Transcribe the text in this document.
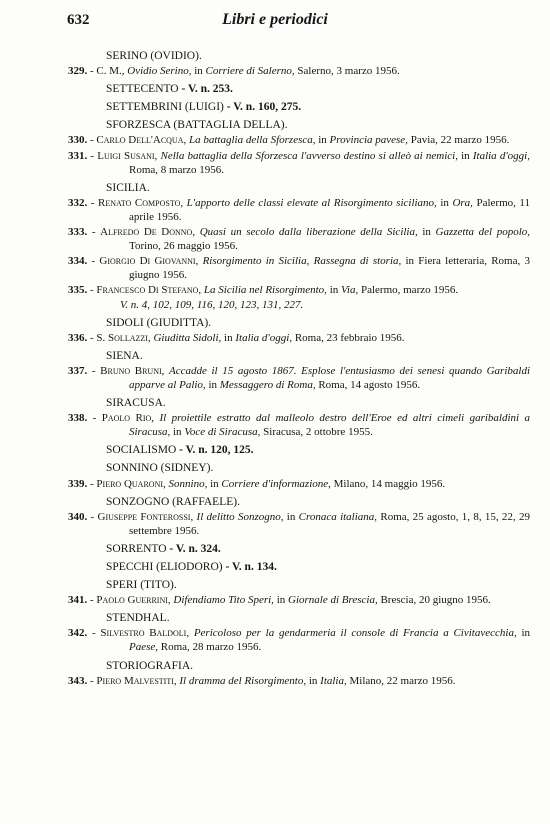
632	Libri e periodici
SERINO (OVIDIO).
329. - C. M., Ovidio Serino, in Corriere di Salerno, Salerno, 3 marzo 1956.
SETTECENTO - V. n. 253.
SETTEMBRINI (LUIGI) - V. n. 160, 275.
SFORZESCA (BATTAGLIA DELLA).
330. - Carlo Dell'Acqua, La battaglia della Sforzesca, in Provincia pavese, Pavia, 22 marzo 1956.
331. - Luigi Susani, Nella battaglia della Sforzesca l'avverso destino si alleò ai nemici, in Italia d'oggi, Roma, 8 marzo 1956.
SICILIA.
332. - Renato Composto, L'apporto delle classi elevate al Risorgimento siciliano, in Ora, Palermo, 11 aprile 1956.
333. - Alfredo De Donno, Quasi un secolo dalla liberazione della Sicilia, in Gazzetta del popolo, Torino, 26 maggio 1956.
334. - Giorgio Di Giovanni, Risorgimento in Sicilia, Rassegna di storia, in Fiera letteraria, Roma, 3 giugno 1956.
335. - Francesco Di Stefano, La Sicilia nel Risorgimento, in Via, Palermo, marzo 1956.
V. n. 4, 102, 109, 116, 120, 123, 131, 227.
SIDOLI (GIUDITTA).
336. - S. Sollazzi, Giuditta Sidoli, in Italia d'oggi, Roma, 23 febbraio 1956.
SIENA.
337. - Bruno Bruni, Accadde il 15 agosto 1867. Esplose l'entusiasmo dei senesi quando Garibaldi apparve al Palio, in Messaggero di Roma, Roma, 14 agosto 1956.
SIRACUSA.
338. - Paolo Rio, Il proiettile estratto dal malleolo destro dell'Eroe ed altri cimeli garibaldini a Siracusa, in Voce di Siracusa, Siracusa, 2 ottobre 1955.
SOCIALISMO - V. n. 120, 125.
SONNINO (SIDNEY).
339. - Piero Quaroni, Sonnino, in Corriere d'informazione, Milano, 14 maggio 1956.
SONZOGNO (RAFFAELE).
340. - Giuseppe Fonterossi, Il delitto Sonzogno, in Cronaca italiana, Roma, 25 agosto, 1, 8, 15, 22, 29 settembre 1956.
SORRENTO - V. n. 324.
SPECCHI (ELIODORO) - V. n. 134.
SPERI (TITO).
341. - Paolo Guerrini, Difendiamo Tito Speri, in Giornale di Brescia, Brescia, 20 giugno 1956.
STENDHAL.
342. - Silvestro Baldoli, Pericoloso per la gendarmeria il console di Francia a Civitavecchia, in Paese, Roma, 28 marzo 1956.
STORIOGRAFIA.
343. - Piero Malvestiti, Il dramma del Risorgimento, in Italia, Milano, 22 marzo 1956.
